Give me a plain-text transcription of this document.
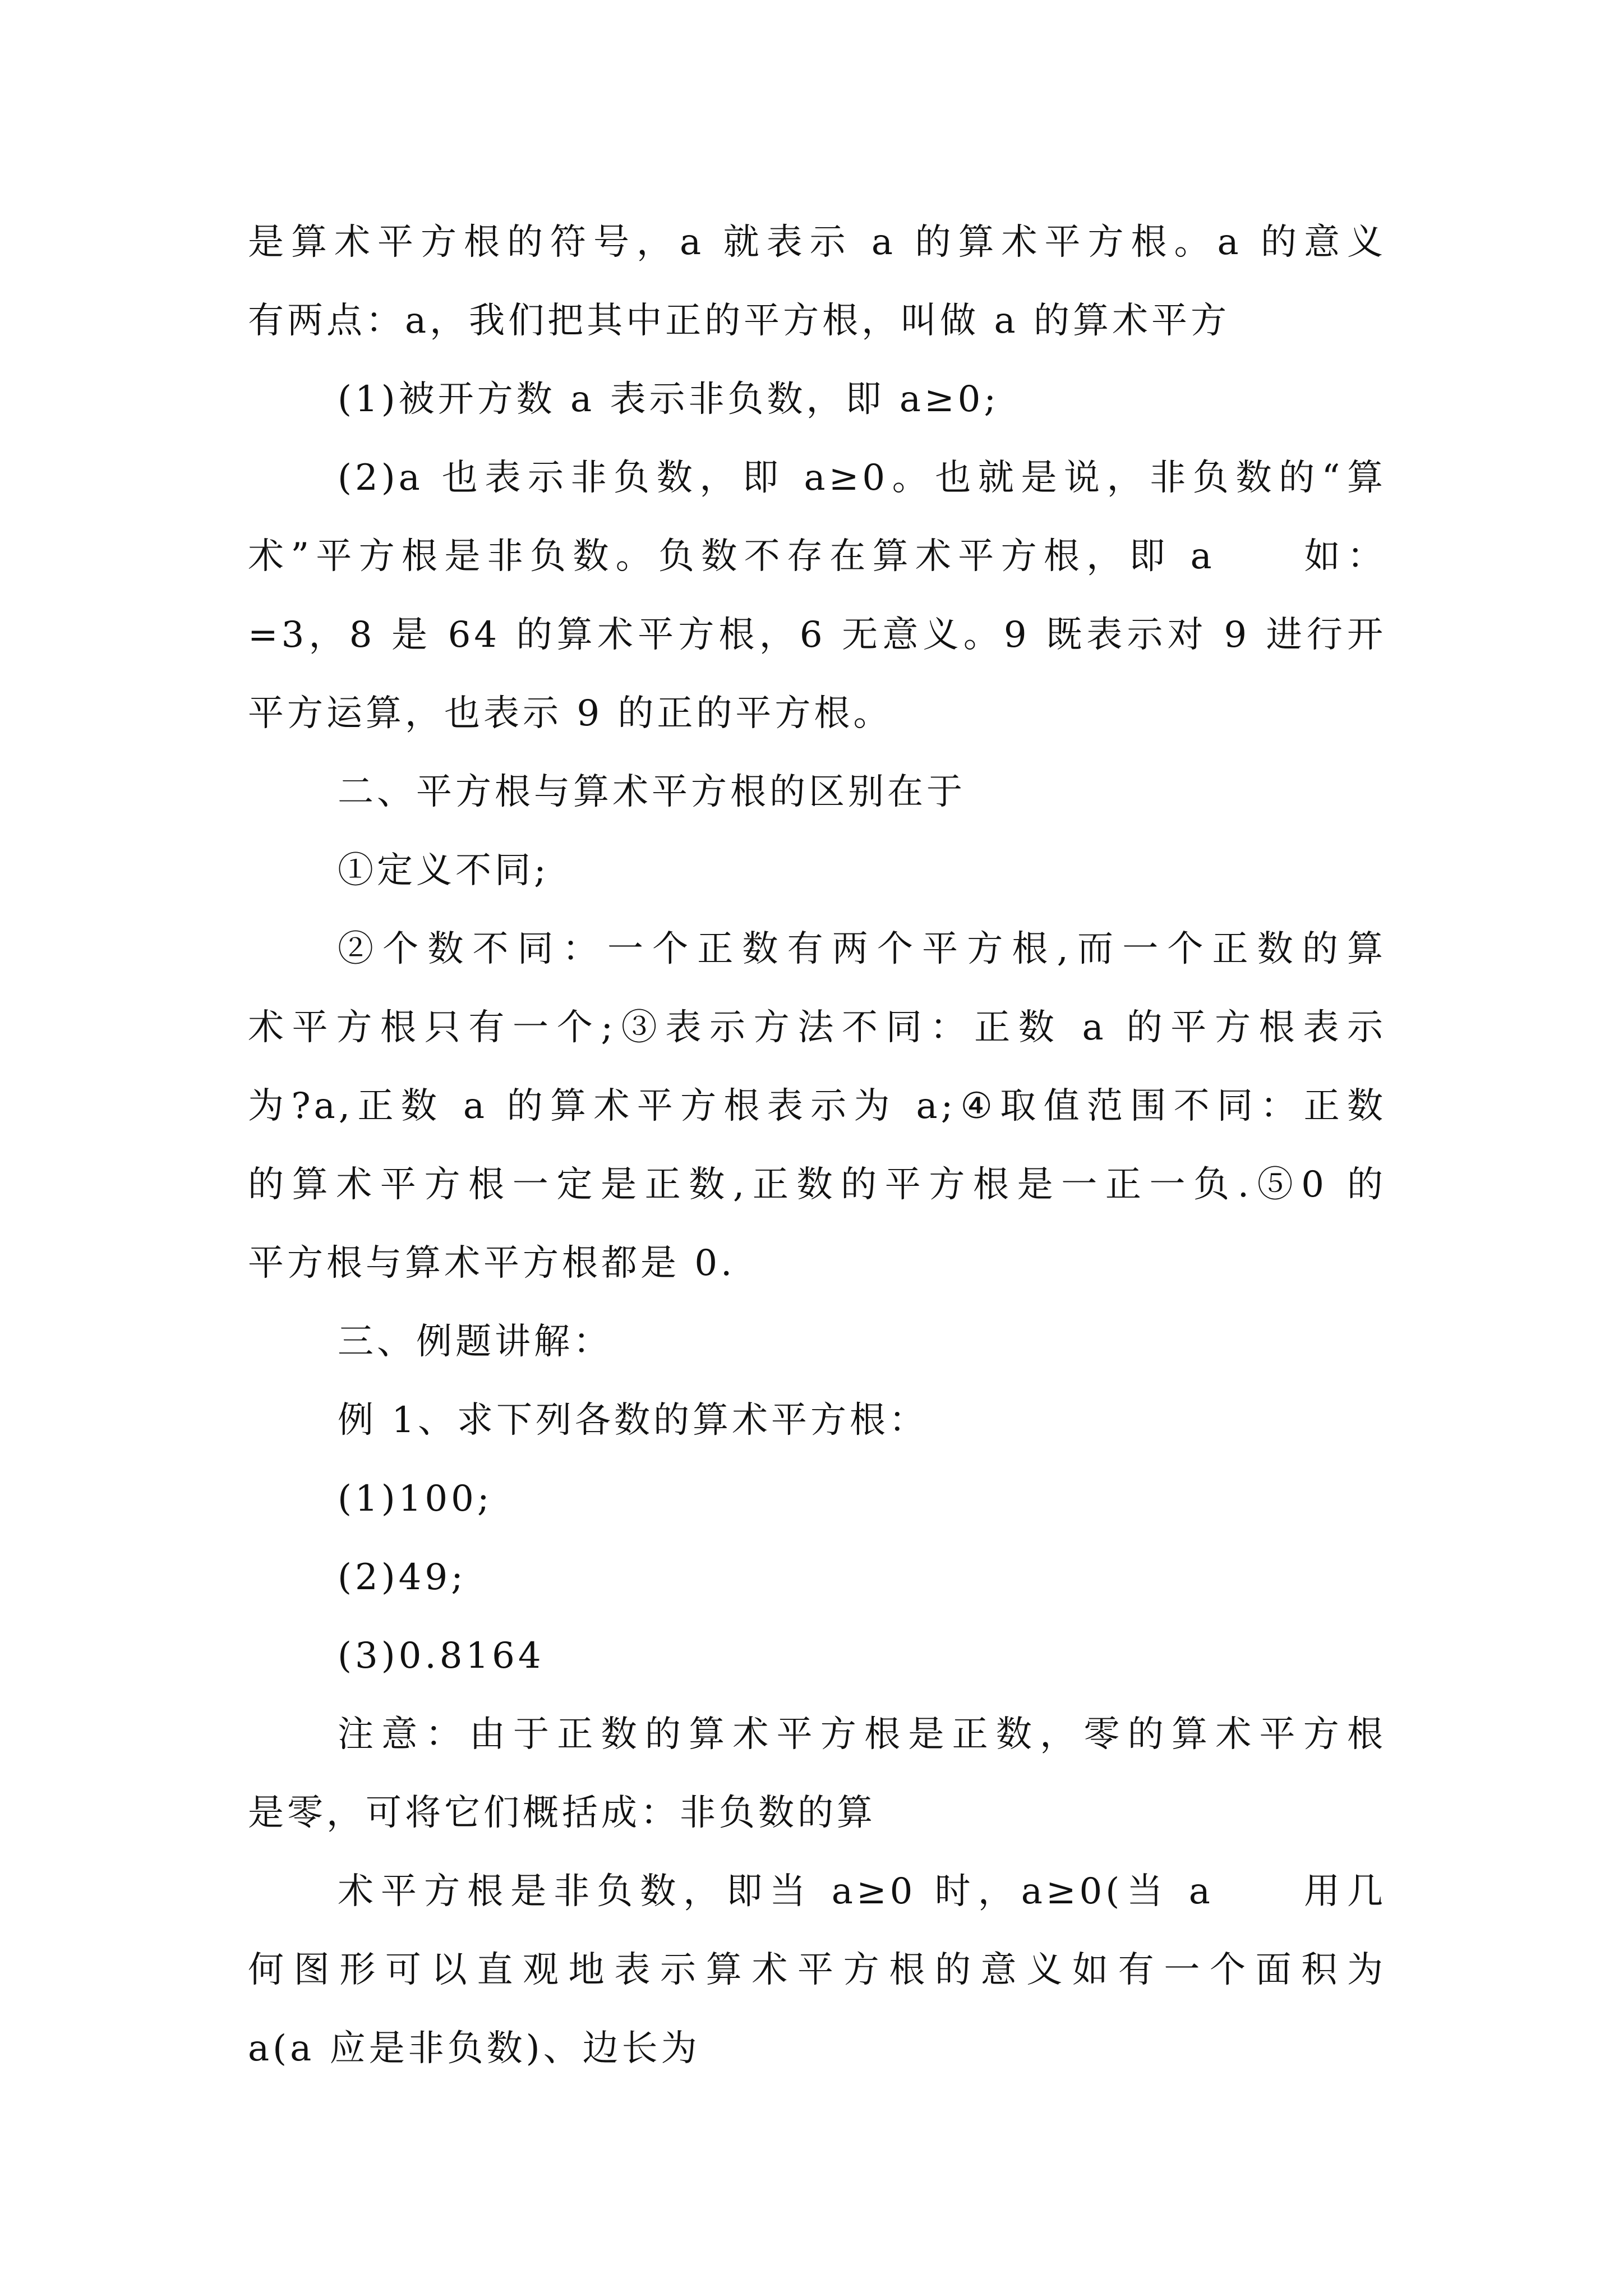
是算术平方根的符号，a 就表示 a 的算术平方根。a 的意义
有两点：a，我们把其中正的平方根，叫做 a 的算术平方
(1)被开方数 a 表示非负数，即 a≥0;
(2)a 也表示非负数，即 a≥0。也就是说，非负数的“算
术”平方根是非负数。负数不存在算术平方根，即 a　　如：
=3，8 是 64 的算术平方根，6 无意义。9 既表示对 9 进行开
平方运算，也表示 9 的正的平方根。
二、平方根与算术平方根的区别在于
①定义不同;
②个数不同：一个正数有两个平方根,而一个正数的算
术平方根只有一个;③表示方法不同：正数 a 的平方根表示
为?a,正数 a 的算术平方根表示为 a;④取值范围不同：正数
的算术平方根一定是正数,正数的平方根是一正一负.⑤0 的
平方根与算术平方根都是 0.
三、例题讲解：
例 1、求下列各数的算术平方根：
(1)100;
(2)49;
(3)0.8164
注意：由于正数的算术平方根是正数，零的算术平方根
是零，可将它们概括成：非负数的算
术平方根是非负数，即当 a≥0 时，a≥0(当 a　　用几
何图形可以直观地表示算术平方根的意义如有一个面积为
a(a 应是非负数)、边长为
